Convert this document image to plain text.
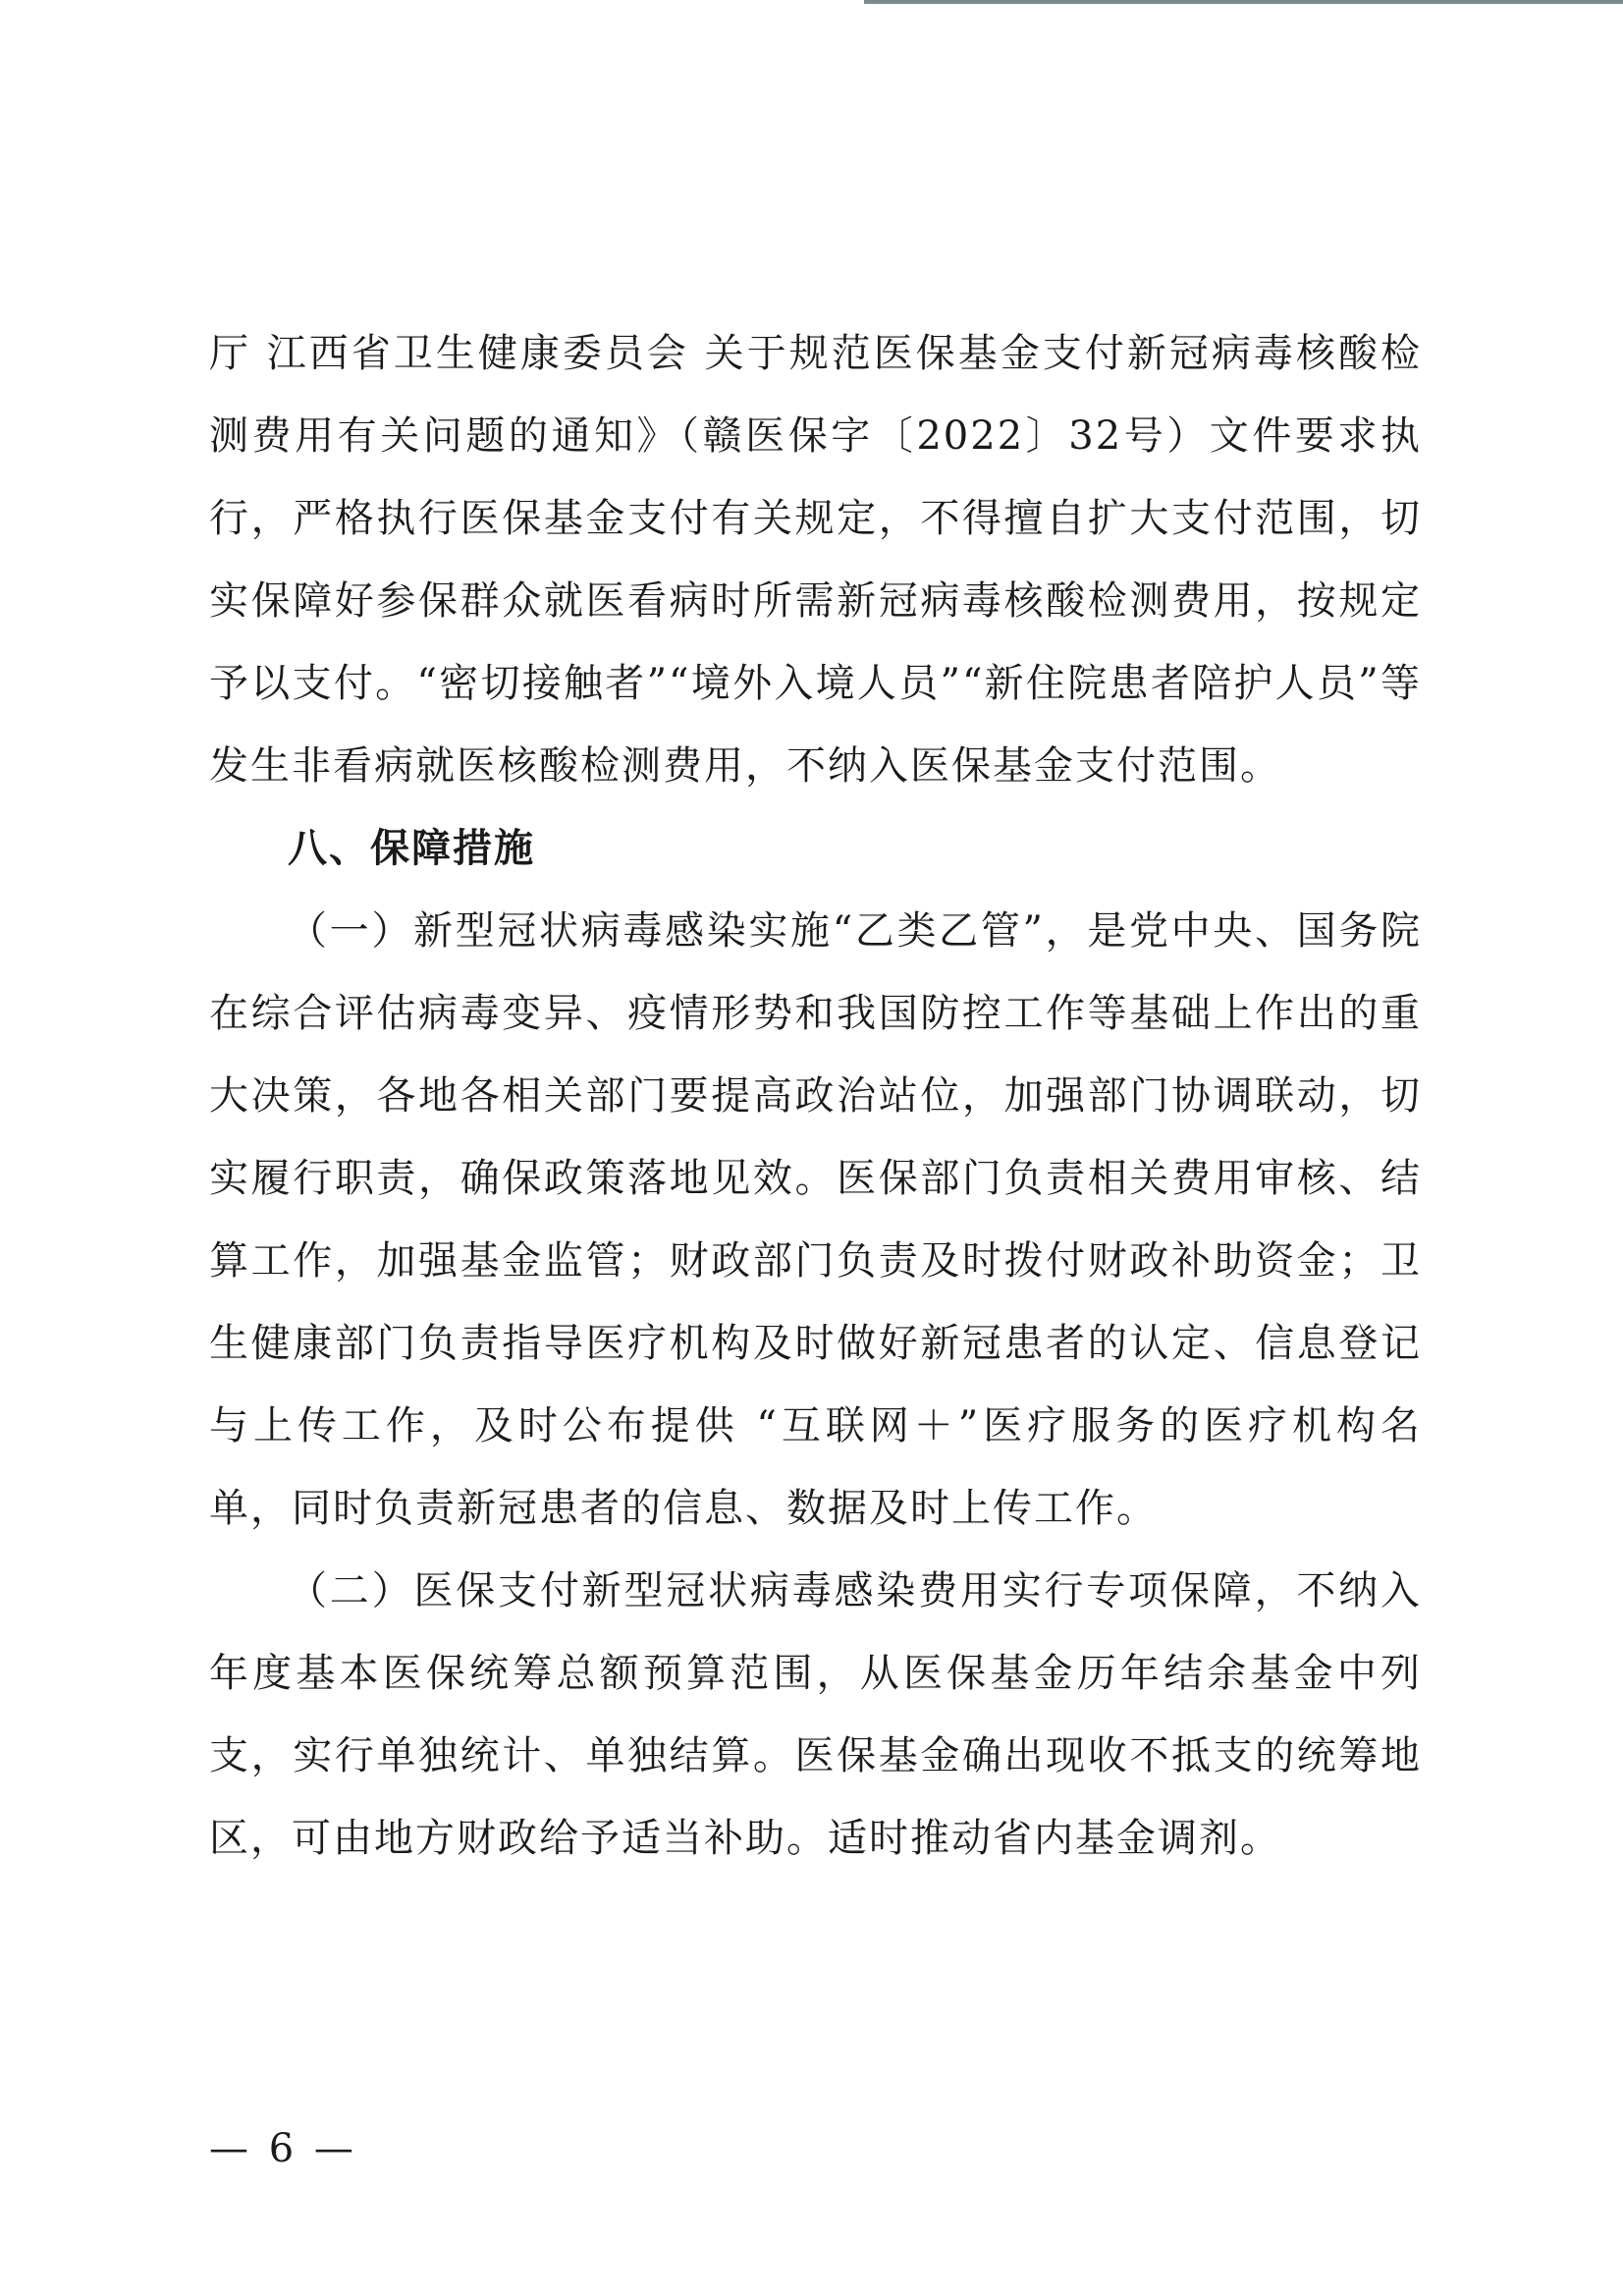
厅 江西省卫生健康委员会 关于规范医保基金支付新冠病毒核酸检测费用有关问题的通知》（赣医保字〔2022〕32号）文件要求执行，严格执行医保基金支付有关规定，不得擅自扩大支付范围，切实保障好参保群众就医看病时所需新冠病毒核酸检测费用，按规定予以支付。“密切接触者”“境外入境人员”“新住院患者陪护人员”等发生非看病就医核酸检测费用，不纳入医保基金支付范围。

八、保障措施

（一）新型冠状病毒感染实施“乙类乙管”，是党中央、国务院在综合评估病毒变异、疫情形势和我国防控工作等基础上作出的重大决策，各地各相关部门要提高政治站位，加强部门协调联动，切实履行职责，确保政策落地见效。医保部门负责相关费用审核、结算工作，加强基金监管；财政部门负责及时拨付财政补助资金；卫生健康部门负责指导医疗机构及时做好新冠患者的认定、信息登记与上传工作，及时公布提供 “互联网＋”医疗服务的医疗机构名单，同时负责新冠患者的信息、数据及时上传工作。

（二）医保支付新型冠状病毒感染费用实行专项保障，不纳入年度基本医保统筹总额预算范围，从医保基金历年结余基金中列支，实行单独统计、单独结算。医保基金确出现收不抵支的统筹地区，可由地方财政给予适当补助。适时推动省内基金调剂。

— 6 —
